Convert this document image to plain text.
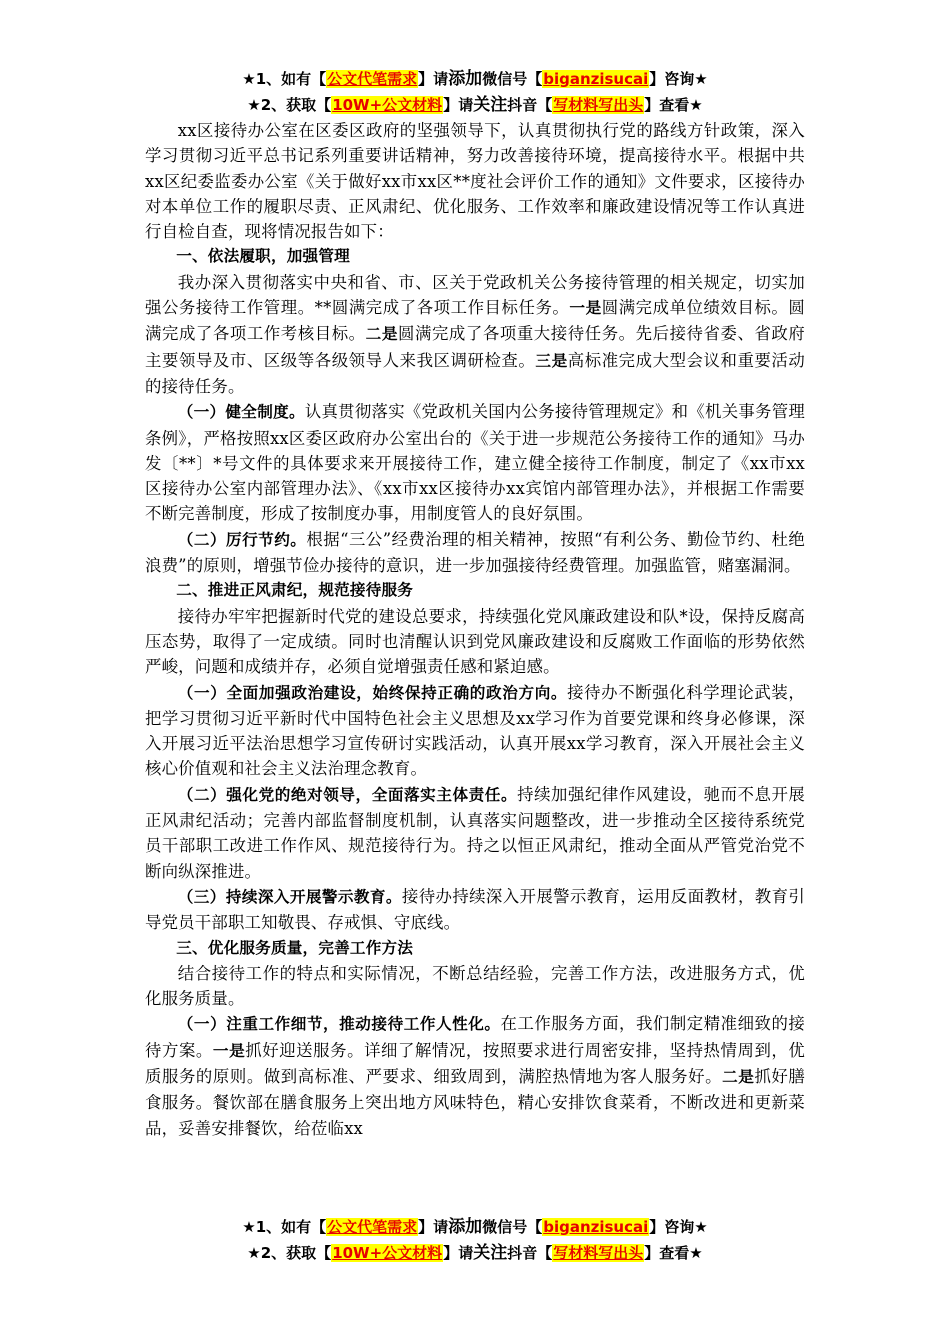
★1、如有【公文代笔需求】请添加微信号【biganzisucai】咨询★
★2、获取【10W+公文材料】请关注抖音【写材料写出头】查看★

xx区接待办公室在区委区政府的坚强领导下，认真贯彻执行党的路线方针政策，深入学习贯彻习近平总书记系列重要讲话精神，努力改善接待环境，提高接待水平。根据中共xx区纪委监委办公室《关于做好xx市xx区**度社会评价工作的通知》文件要求，区接待办对本单位工作的履职尽责、正风肃纪、优化服务、工作效率和廉政建设情况等工作认真进行自检自查，现将情况报告如下：

一、依法履职，加强管理

我办深入贯彻落实中央和省、市、区关于党政机关公务接待管理的相关规定，切实加强公务接待工作管理。**圆满完成了各项工作目标任务。一是圆满完成单位绩效目标。圆满完成了各项工作考核目标。二是圆满完成了各项重大接待任务。先后接待省委、省政府主要领导及市、区级等各级领导人来我区调研检查。三是高标准完成大型会议和重要活动的接待任务。

（一）健全制度。认真贯彻落实《党政机关国内公务接待管理规定》和《机关事务管理条例》，严格按照xx区委区政府办公室出台的《关于进一步规范公务接待工作的通知》马办发〔**〕*号文件的具体要求来开展接待工作，建立健全接待工作制度，制定了《xx市xx区接待办公室内部管理办法》、《xx市xx区接待办xx宾馆内部管理办法》，并根据工作需要不断完善制度，形成了按制度办事，用制度管人的良好氛围。

（二）厉行节约。根据“三公”经费治理的相关精神，按照“有利公务、勤俭节约、杜绝浪费”的原则，增强节俭办接待的意识，进一步加强接待经费管理。加强监管，赌塞漏洞。

二、推进正风肃纪，规范接待服务

接待办牢牢把握新时代党的建设总要求，持续强化党风廉政建设和队*设，保持反腐高压态势，取得了一定成绩。同时也清醒认识到党风廉政建设和反腐败工作面临的形势依然严峻，问题和成绩并存，必须自觉增强责任感和紧迫感。

（一）全面加强政治建设，始终保持正确的政治方向。接待办不断强化科学理论武装，把学习贯彻习近平新时代中国特色社会主义思想及xx学习作为首要党课和终身必修课，深入开展习近平法治思想学习宣传研讨实践活动，认真开展xx学习教育，深入开展社会主义核心价值观和社会主义法治理念教育。

（二）强化党的绝对领导，全面落实主体责任。持续加强纪律作风建设，驰而不息开展正风肃纪活动；完善内部监督制度机制，认真落实问题整改，进一步推动全区接待系统党员干部职工改进工作作风、规范接待行为。持之以恒正风肃纪，推动全面从严管党治党不断向纵深推进。

（三）持续深入开展警示教育。接待办持续深入开展警示教育，运用反面教材，教育引导党员干部职工知敬畏、存戒惧、守底线。

三、优化服务质量，完善工作方法

结合接待工作的特点和实际情况，不断总结经验，完善工作方法，改进服务方式，优化服务质量。

（一）注重工作细节，推动接待工作人性化。在工作服务方面，我们制定精准细致的接待方案。一是抓好迎送服务。详细了解情况，按照要求进行周密安排，坚持热情周到，优质服务的原则。做到高标准、严要求、细致周到，满腔热情地为客人服务好。二是抓好膳食服务。餐饮部在膳食服务上突出地方风味特色，精心安排饮食菜肴，不断改进和更新菜品，妥善安排餐饮，给莅临xx

★1、如有【公文代笔需求】请添加微信号【biganzisucai】咨询★
★2、获取【10W+公文材料】请关注抖音【写材料写出头】查看★
